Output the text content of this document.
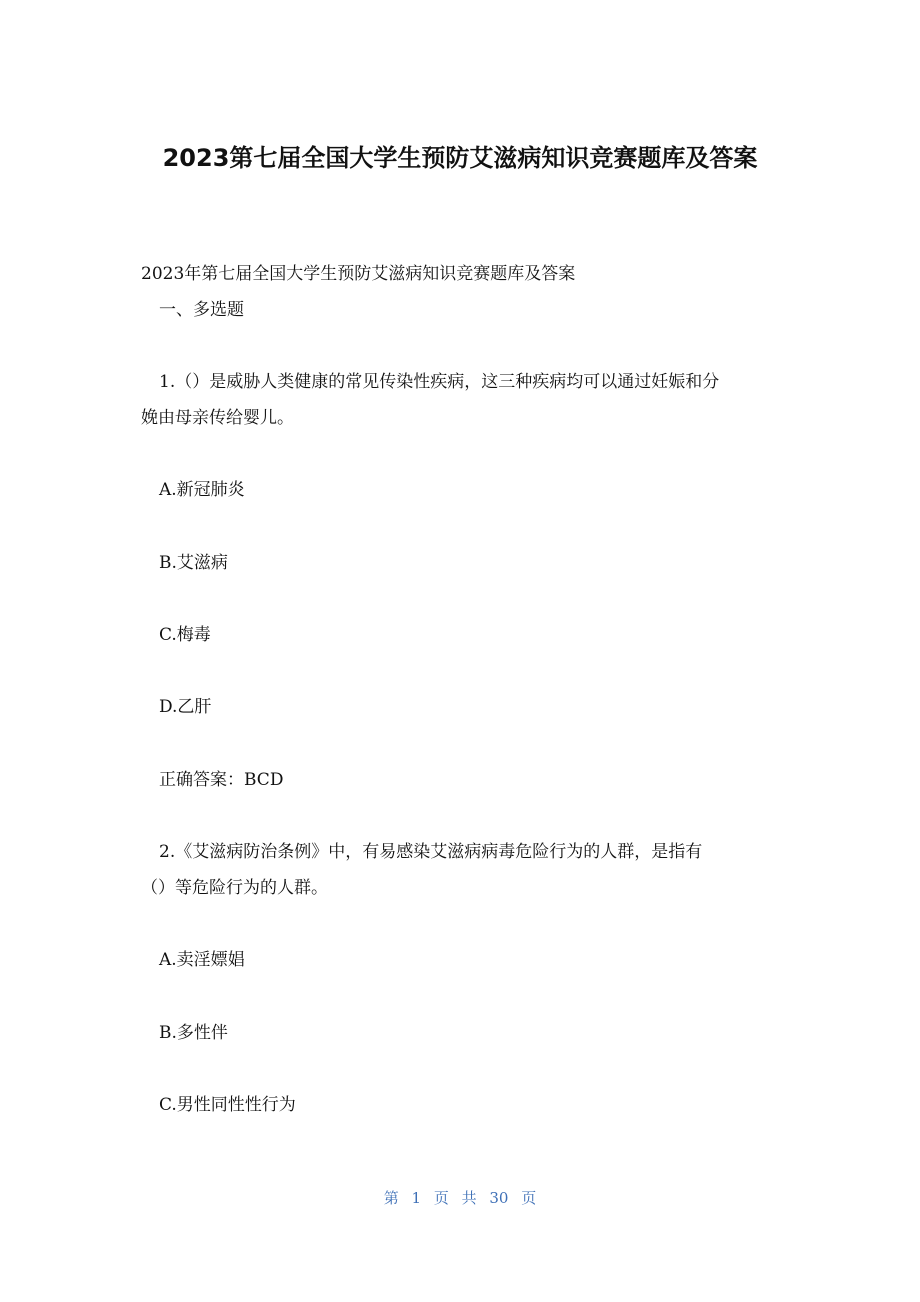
2023第七届全国大学生预防艾滋病知识竞赛题库及答案
2023年第七届全国大学生预防艾滋病知识竞赛题库及答案
一、多选题
1.（）是威胁人类健康的常见传染性疾病，这三种疾病均可以通过妊娠和分
娩由母亲传给婴儿。
A.新冠肺炎
B.艾滋病
C.梅毒
D.乙肝
正确答案：BCD
2.《艾滋病防治条例》中，有易感染艾滋病病毒危险行为的人群，是指有
（）等危险行为的人群。
A.卖淫嫖娼
B.多性伴
C.男性同性性行为
第 1 页 共 30 页
